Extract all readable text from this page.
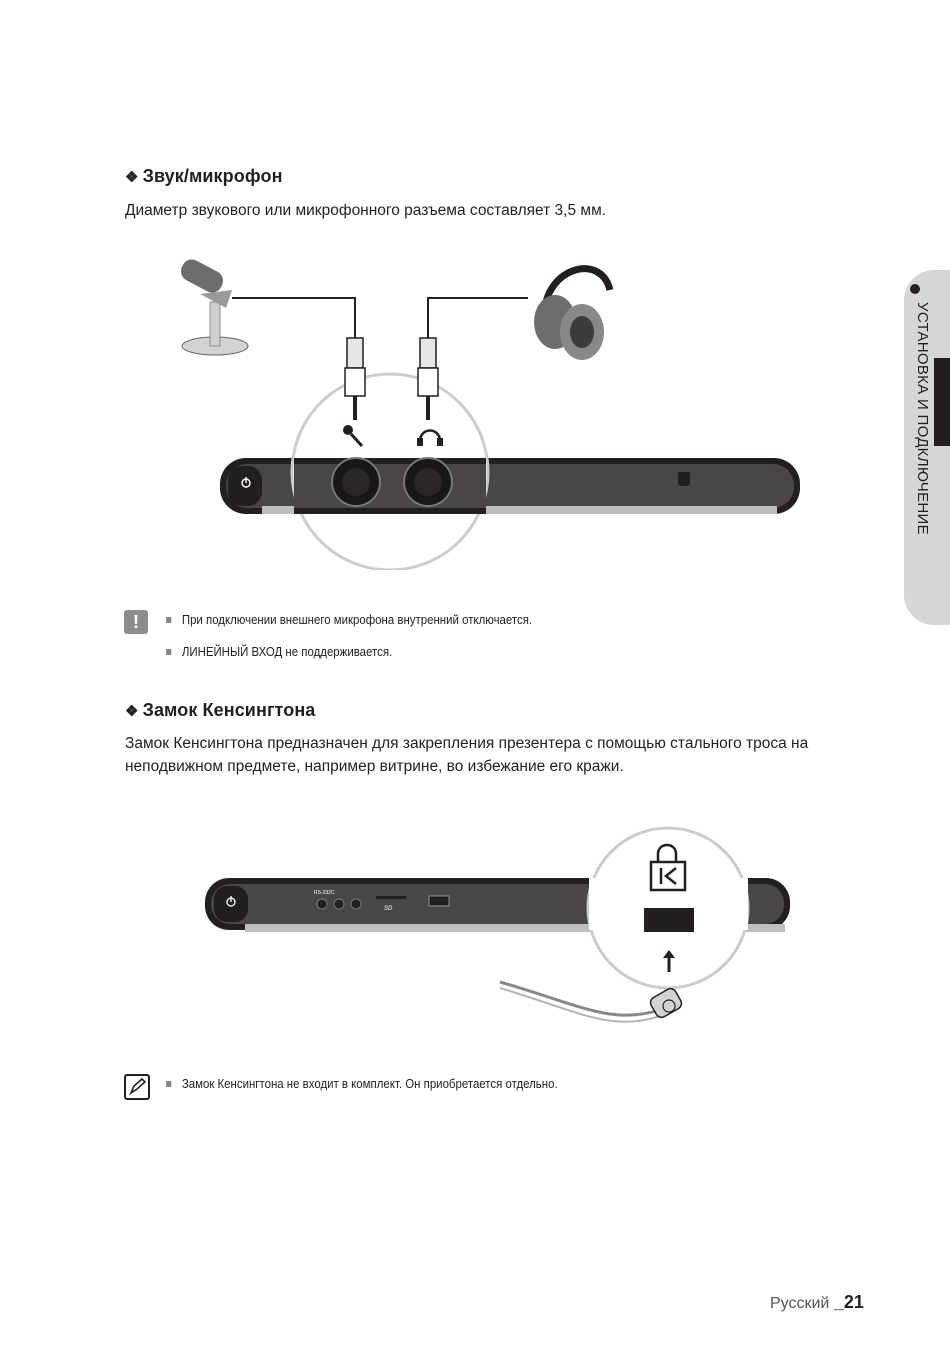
УСТАНОВКА И ПОДКЛЮЧЕНИЕ
❖ Звук/микрофон
Диаметр звукового или микрофонного разъема составляет 3,5 мм.
!	При подключении внешнего микрофона внутренний отключается.
ЛИНЕЙНЫЙ ВХОД не поддерживается.
❖ Замок Кенсингтона
Замок Кенсингтона предназначен для закрепления презентера с помощью стального троса на
неподвижном предмете, например витрине, во избежание его кражи.
RS-232C
SD
Замок Кенсингтона не входит в комплект. Он приобретается отдельно.
Русский _21
